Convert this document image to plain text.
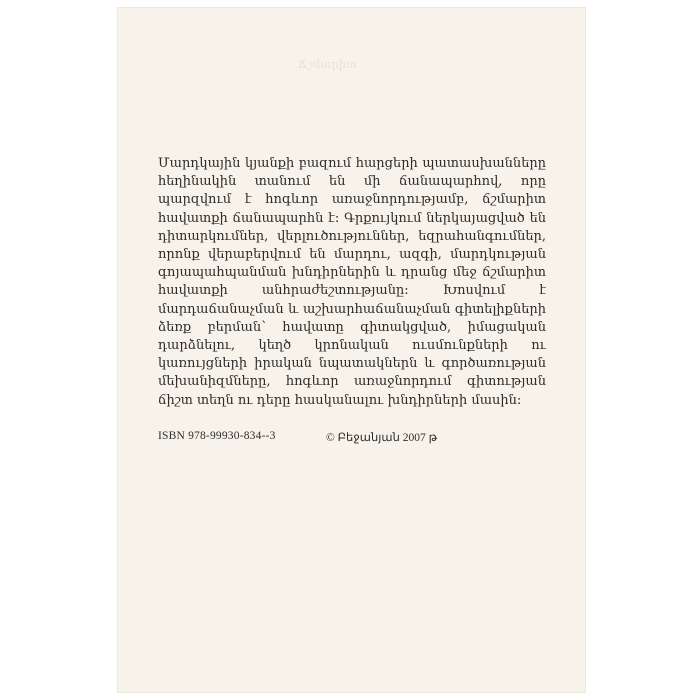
Ճշմարիտ
Մարդկային կյանքի բազում հարցերի պատասխանները հեղինակին տանում են մի ճանապարհով, որը պարզվում է հոգևոր առաջնորդությամբ, ճշմարիտ հավատքի ճանապարհն է։ Գրքույկում ներկայացված են դիտարկումներ, վերլուծություններ, եզրահանգումներ, որոնք վերաբերվում են մարդու, ազգի, մարդկության գոյապահպանման խնդիրներին և դրանց մեջ ճշմարիտ հավատքի անհրաժեշտությանը։ Խոսվում է մարդաճանաչման և աշխարհաճանաչման գիտելիքների ձեռք բերման՝ հավատը գիտակցված, իմացական դարձնելու, կեղծ կրոնական ուսմունքների ու կառույցների իրական նպատակներն և գործառության մեխանիզմները, հոգևոր առաջնորդում գիտության ճիշտ տեղն ու դերը հասկանալու խնդիրների մասին։
ISBN 978-99930-834--3	© Բեջանյան 2007 թ
